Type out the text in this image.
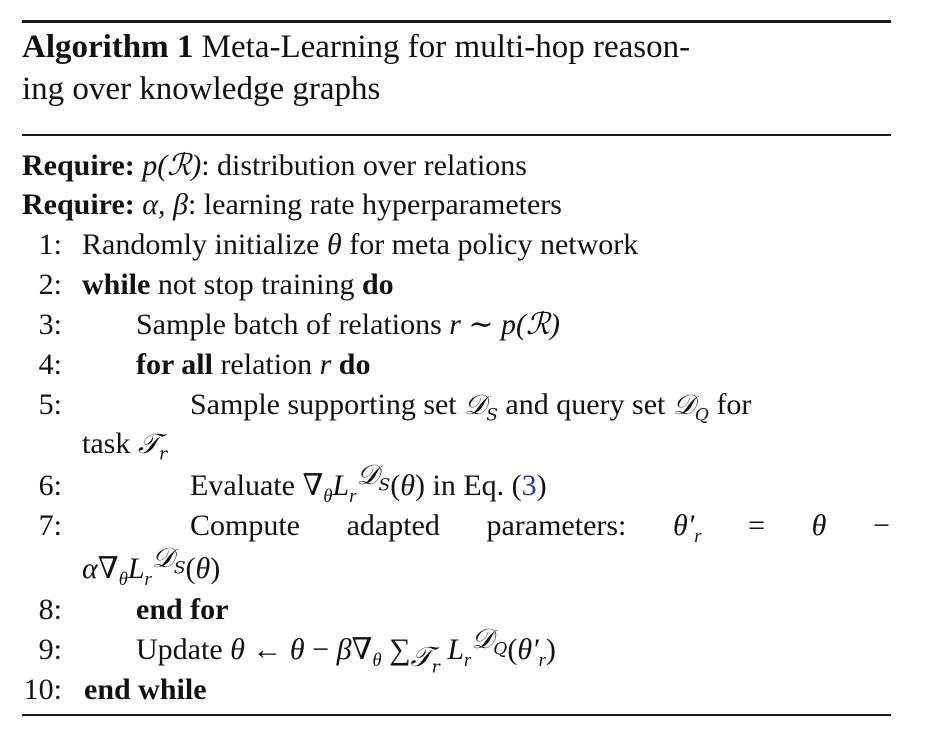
Algorithm 1 Meta-Learning for multi-hop reason-
ing over knowledge graphs
Require: p(ℛ): distribution over relations
Require: α, β: learning rate hyperparameters
1: Randomly initialize θ for meta policy network
2: while not stop training do
3: Sample batch of relations r ∼ p(ℛ)
4: for all relation r do
5:	Sample supporting set 𝒟$_S$ and query set 𝒟$_Q$ for
task 𝒯$_r$
6:	Evaluate $\nabla_\theta L_r^{𝒟_S}(\theta)$ in Eq. (3)
7:	Compute adapted parameters: $\theta'_r = \theta$ −
$\alpha\nabla_\theta L_r^{𝒟_S}(\theta)$
8: end for
9: Update θ ← $\theta - \beta\nabla_\theta$ $\sum_{𝒯_r}$ $L_r^{𝒟_Q}(\theta'_r)$
10: end while
